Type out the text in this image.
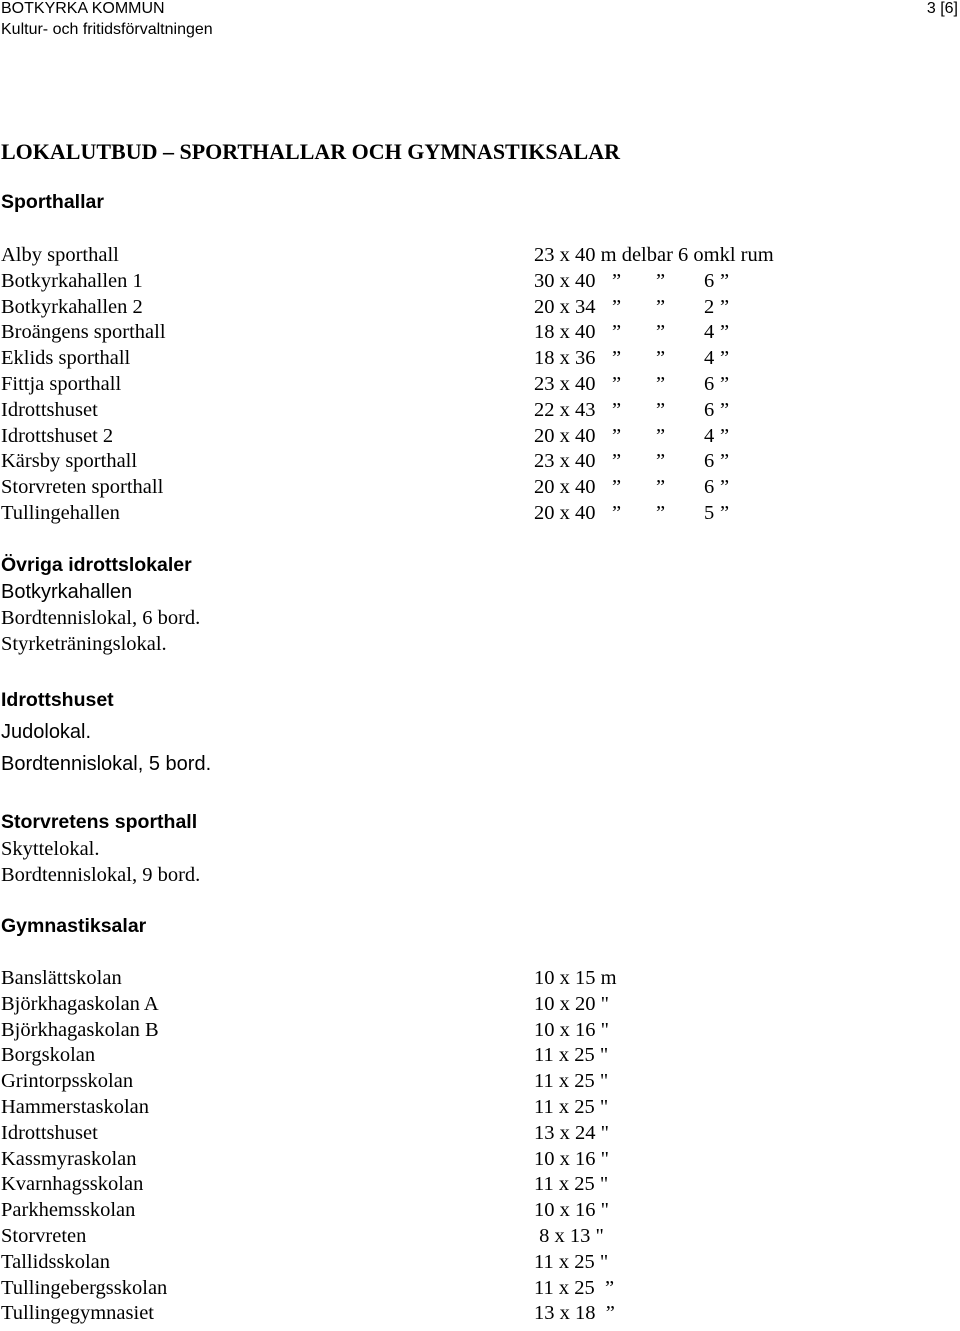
BOTKYRKA KOMMUN
Kultur- och fritidsförvaltningen
3 [6]
LOKALUTBUD – SPORTHALLAR OCH GYMNASTIKSALAR
Sporthallar
Alby sporthall	23 x 40 m delbar 6 omkl rum
Botkyrkahallen 1	30 x 40 ” ” 6 ”
Botkyrkahallen 2	20 x 34 ” ” 2 ”
Broängens sporthall	18 x 40 ” ” 4 ”
Eklids sporthall	18 x 36 ” ” 4 ”
Fittja sporthall	23 x 40 ” ” 6 ”
Idrottshuset	22 x 43 ” ” 6 ”
Idrottshuset 2	20 x 40 ” ” 4 ”
Kärsby sporthall	23 x 40 ” ” 6 ”
Storvreten sporthall	20 x 40 ” ” 6 ”
Tullingehallen	20 x 40 ” ” 5 ”
Övriga idrottslokaler
Botkyrkahallen
Bordtennislokal, 6 bord.
Styrketräningslokal.
Idrottshuset
Judolokal.
Bordtennislokal, 5 bord.
Storvretens sporthall
Skyttelokal.
Bordtennislokal, 9 bord.
Gymnastiksalar
Banslättskolan	10 x 15 m
Björkhagaskolan A	10 x 20 "
Björkhagaskolan B	10 x 16 "
Borgskolan	11 x 25 "
Grintorpsskolan	11 x 25 "
Hammerstaskolan	11 x 25 "
Idrottshuset	13 x 24 "
Kassmyraskolan	10 x 16 "
Kvarnhagsskolan	11 x 25 "
Parkhemsskolan	10 x 16 "
Storvreten	8 x 13 "
Tallidsskolan	11 x 25 "
Tullingebergsskolan	11 x 25  ”
Tullingegymnasiet	13 x 18  ”
